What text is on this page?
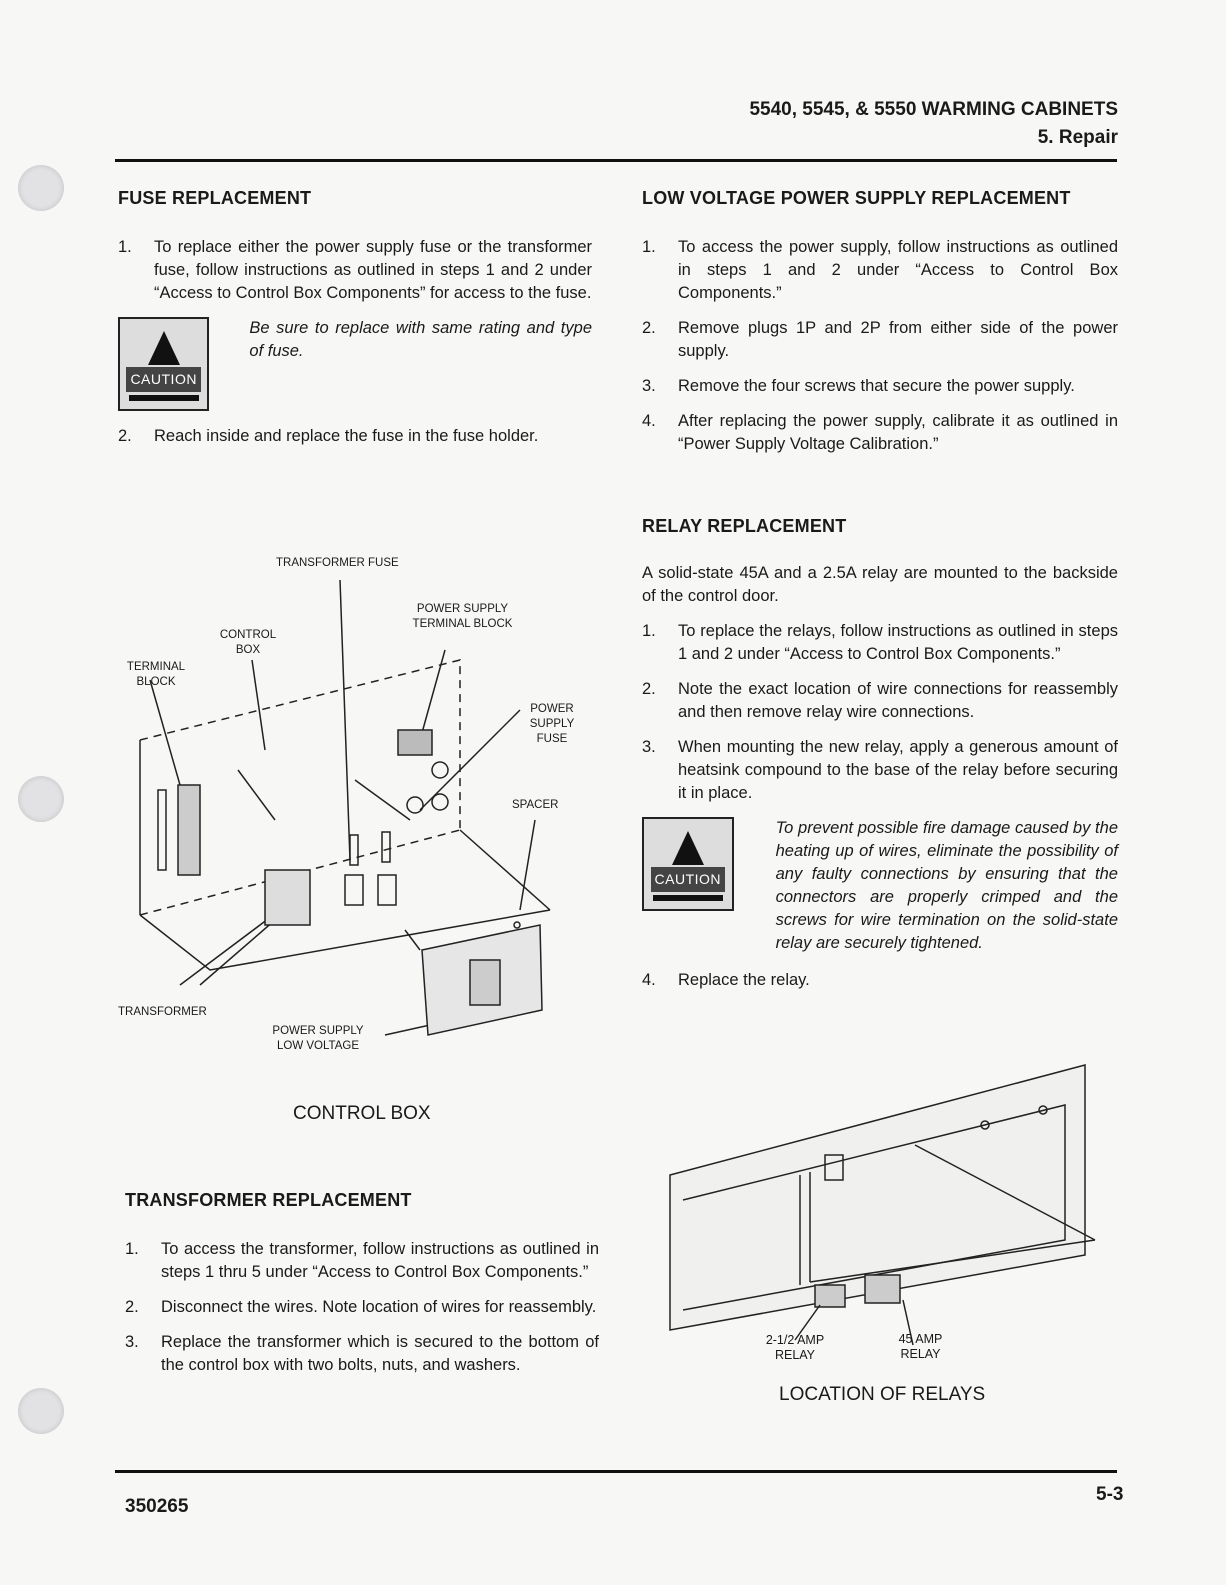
5540, 5545, & 5550 WARMING CABINETS
5. Repair
FUSE REPLACEMENT
1. To replace either the power supply fuse or the transformer fuse, follow instructions as outlined in steps 1 and 2 under “Access to Control Box Components” for access to the fuse.
CAUTION
Be sure to replace with same rating and type of fuse.
2. Reach inside and replace the fuse in the fuse holder.
TRANSFORMER FUSE
POWER SUPPLY TERMINAL BLOCK
CONTROL BOX
TERMINAL BLOCK
POWER SUPPLY FUSE
SPACER
TRANSFORMER
POWER SUPPLY LOW VOLTAGE
CONTROL BOX
TRANSFORMER REPLACEMENT
1. To access the transformer, follow instructions as outlined in steps 1 thru 5 under “Access to Control Box Components.”
2. Disconnect the wires. Note location of wires for reassembly.
3. Replace the transformer which is secured to the bottom of the control box with two bolts, nuts, and washers.
LOW VOLTAGE POWER SUPPLY REPLACEMENT
1. To access the power supply, follow instructions as outlined in steps 1 and 2 under “Access to Control Box Components.”
2. Remove plugs 1P and 2P from either side of the power supply.
3. Remove the four screws that secure the power supply.
4. After replacing the power supply, calibrate it as outlined in “Power Supply Voltage Calibration.”
RELAY REPLACEMENT
A solid-state 45A and a 2.5A relay are mounted to the backside of the control door.
1. To replace the relays, follow instructions as outlined in steps 1 and 2 under “Access to Control Box Components.”
2. Note the exact location of wire connections for reassembly and then remove relay wire connections.
3. When mounting the new relay, apply a generous amount of heatsink compound to the base of the relay before securing it in place.
CAUTION
To prevent possible fire damage caused by the heating up of wires, eliminate the possibility of any faulty connections by ensuring that the connectors are properly crimped and the screws for wire termination on the solid-state relay are securely tightened.
4. Replace the relay.
2-1/2 AMP RELAY
45 AMP RELAY
LOCATION OF RELAYS
350265
5-3
